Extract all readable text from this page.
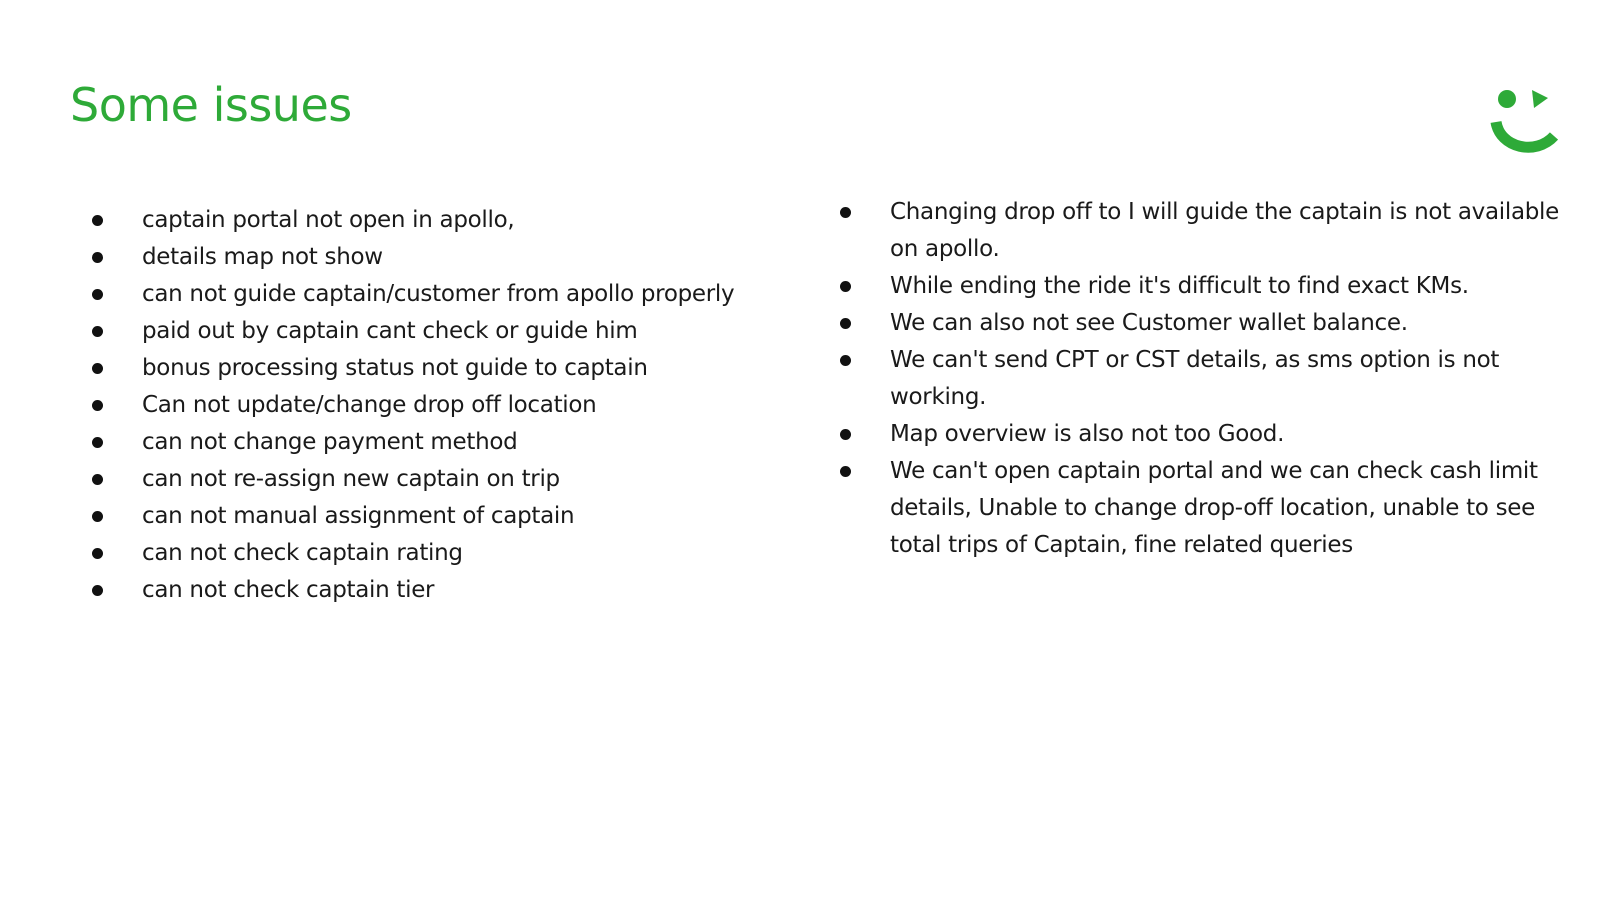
Some issues
captain portal not open in apollo,
details map not show
can not guide captain/customer from apollo properly
paid out by captain cant check or guide him
bonus processing status not guide to captain
Can not update/change drop off location
can not change payment method
can not re-assign new captain on trip
can not manual assignment of captain
can not check captain rating
can not check captain tier
Changing drop off to I will guide the captain is not available on apollo.
While ending the ride it's difficult to find exact KMs.
We can also not see Customer wallet balance.
We can't send CPT or CST details, as sms option is not working.
Map overview is also not too Good.
We can't open captain portal and we can check cash limit details, Unable to change drop-off location, unable to see total trips of Captain, fine related queries
